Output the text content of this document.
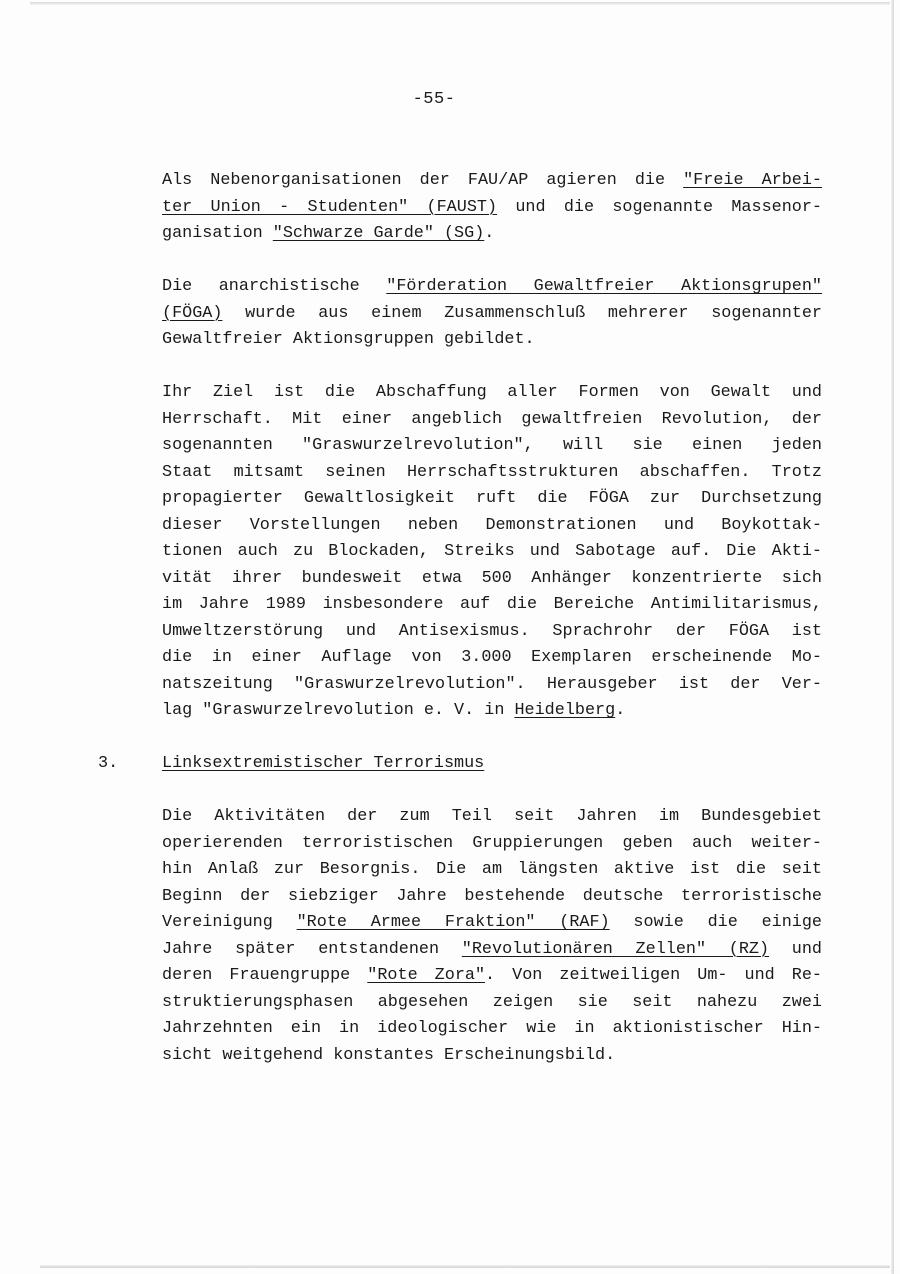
-55-
Als Nebenorganisationen der FAU/AP agieren die "Freie Arbei-
ter Union - Studenten" (FAUST) und die sogenannte Massenor-
ganisation "Schwarze Garde" (SG).
Die anarchistische "Förderation Gewaltfreier Aktionsgrupen"
(FÖGA) wurde aus einem Zusammenschluß mehrerer sogenannter
Gewaltfreier Aktionsgruppen gebildet.
Ihr Ziel ist die Abschaffung aller Formen von Gewalt und
Herrschaft. Mit einer angeblich gewaltfreien Revolution, der
sogenannten "Graswurzelrevolution", will sie einen jeden
Staat mitsamt seinen Herrschaftsstrukturen abschaffen. Trotz
propagierter Gewaltlosigkeit ruft die FÖGA zur Durchsetzung
dieser Vorstellungen neben Demonstrationen und Boykottak-
tionen auch zu Blockaden, Streiks und Sabotage auf. Die Akti-
vität ihrer bundesweit etwa 500 Anhänger konzentrierte sich
im Jahre 1989 insbesondere auf die Bereiche Antimilitarismus,
Umweltzerstörung und Antisexismus. Sprachrohr der FÖGA ist
die in einer Auflage von 3.000 Exemplaren erscheinende Mo-
natszeitung "Graswurzelrevolution". Herausgeber ist der Ver-
lag "Graswurzelrevolution e. V. in Heidelberg.
3.	Linksextremistischer Terrorismus
Die Aktivitäten der zum Teil seit Jahren im Bundesgebiet
operierenden terroristischen Gruppierungen geben auch weiter-
hin Anlaß zur Besorgnis. Die am längsten aktive ist die seit
Beginn der siebziger Jahre bestehende deutsche terroristische
Vereinigung "Rote Armee Fraktion" (RAF) sowie die einige
Jahre später entstandenen "Revolutionären Zellen" (RZ) und
deren Frauengruppe "Rote Zora". Von zeitweiligen Um- und Re-
struktierungsphasen abgesehen zeigen sie seit nahezu zwei
Jahrzehnten ein in ideologischer wie in aktionistischer Hin-
sicht weitgehend konstantes Erscheinungsbild.
